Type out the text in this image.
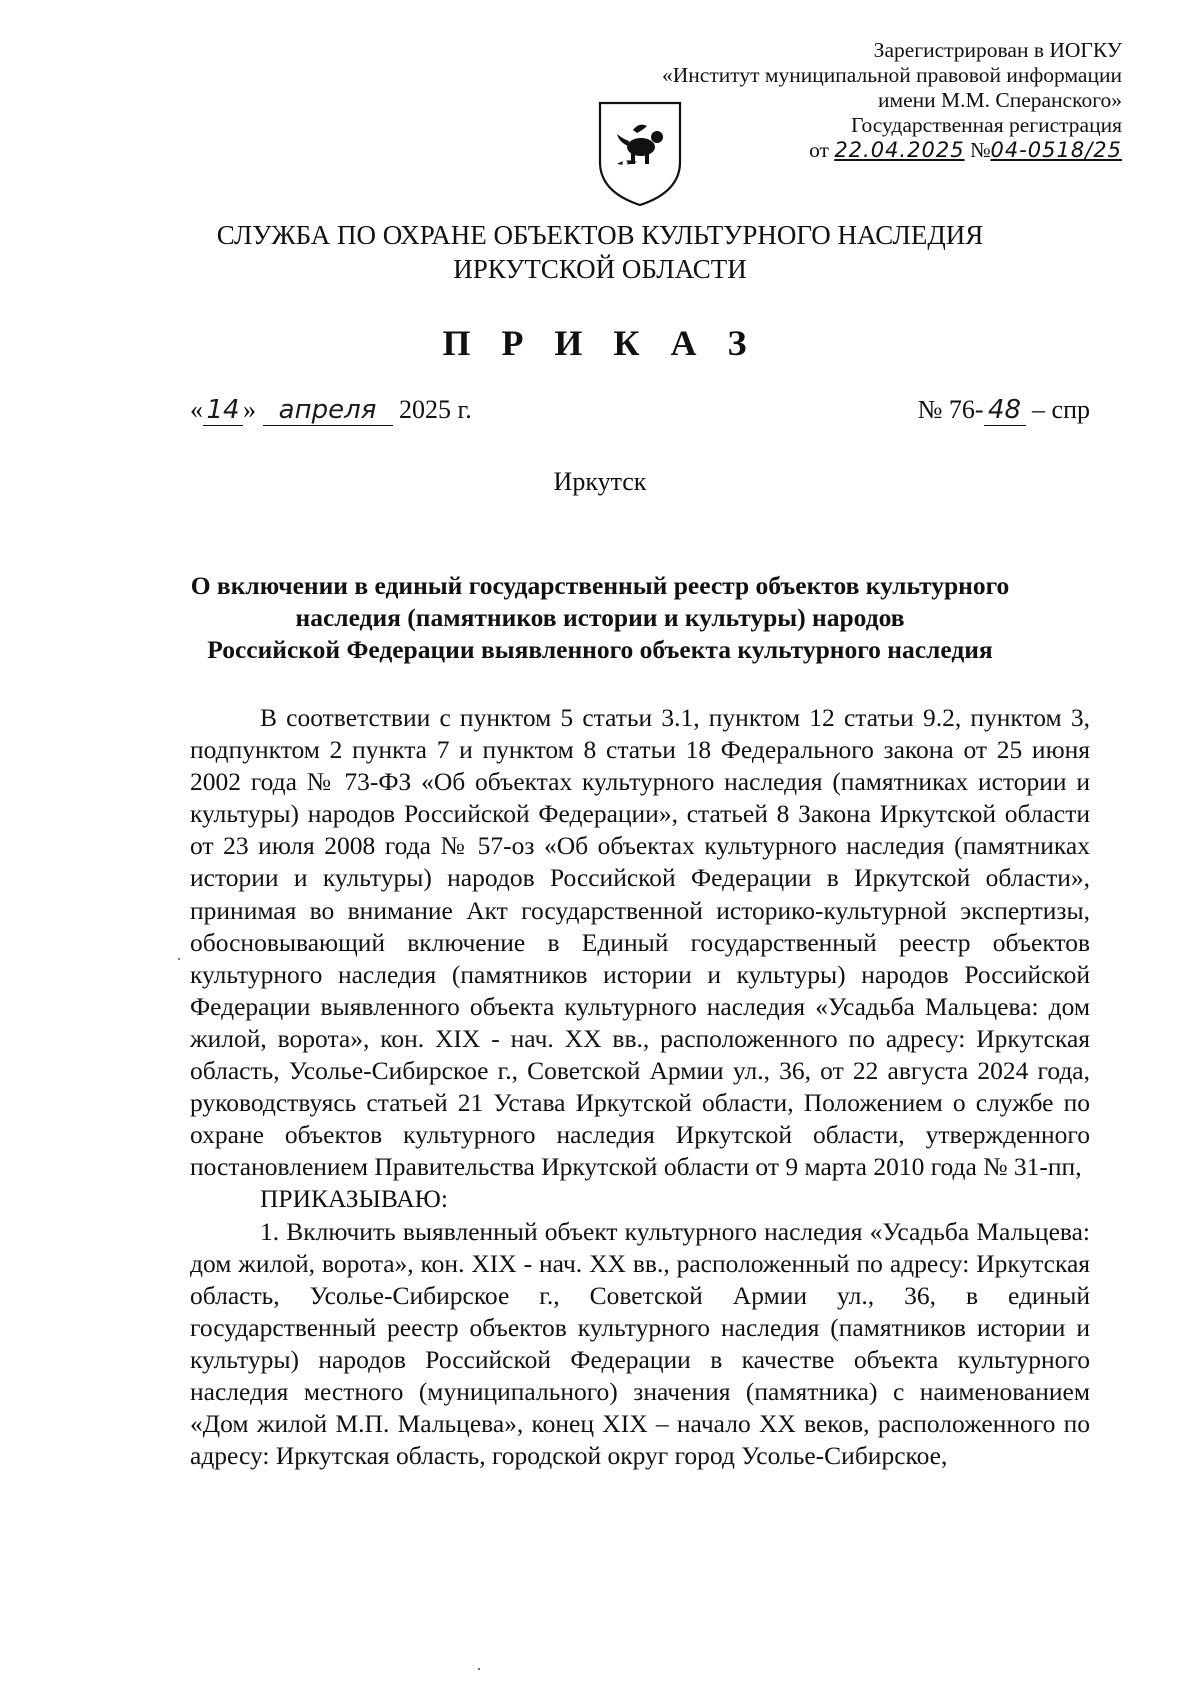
Зарегистрирован в ИОГКУ
«Институт муниципальной правовой информации
имени М.М. Сперанского»
Государственная регистрация
от 22.04.2025 №04-0518/25
СЛУЖБА ПО ОХРАНЕ ОБЪЕКТОВ КУЛЬТУРНОГО НАСЛЕДИЯ
ИРКУТСКОЙ ОБЛАСТИ
П Р И К А З
« 14 » апреля 2025 г.	№ 76- 48 – спр
Иркутск
О включении в единый государственный реестр объектов культурного
наследия (памятников истории и культуры) народов
Российской Федерации выявленного объекта культурного наследия

В соответствии с пунктом 5 статьи 3.1, пунктом 12 статьи 9.2, пунктом 3, подпунктом 2 пункта 7 и пунктом 8 статьи 18 Федерального закона от 25 июня 2002 года № 73-ФЗ «Об объектах культурного наследия (памятниках истории и культуры) народов Российской Федерации», статьей 8 Закона Иркутской области от 23 июля 2008 года № 57-оз «Об объектах культурного наследия (памятниках истории и культуры) народов Российской Федерации в Иркутской области», принимая во внимание Акт государственной историко-культурной экспертизы, обосновывающий включение в Единый государственный реестр объектов культурного наследия (памятников истории и культуры) народов Российской Федерации выявленного объекта культурного наследия «Усадьба Мальцева: дом жилой, ворота», кон. XIX - нач. XX вв., расположенного по адресу: Иркутская область, Усолье-Сибирское г., Советской Армии ул., 36, от 22 августа 2024 года, руководствуясь статьей 21 Устава Иркутской области, Положением о службе по охране объектов культурного наследия Иркутской области, утвержденного постановлением Правительства Иркутской области от 9 марта 2010 года № 31-пп,

ПРИКАЗЫВАЮ:

1. Включить выявленный объект культурного наследия «Усадьба Мальцева: дом жилой, ворота», кон. XIX - нач. XX вв., расположенный по адресу: Иркутская область, Усолье-Сибирское г., Советской Армии ул., 36, в единый государственный реестр объектов культурного наследия (памятников истории и культуры) народов Российской Федерации в качестве объекта культурного наследия местного (муниципального) значения (памятника) с наименованием «Дом жилой М.П. Мальцева», конец XIX – начало XX веков, расположенного по адресу: Иркутская область, городской округ город Усолье-Сибирское,
